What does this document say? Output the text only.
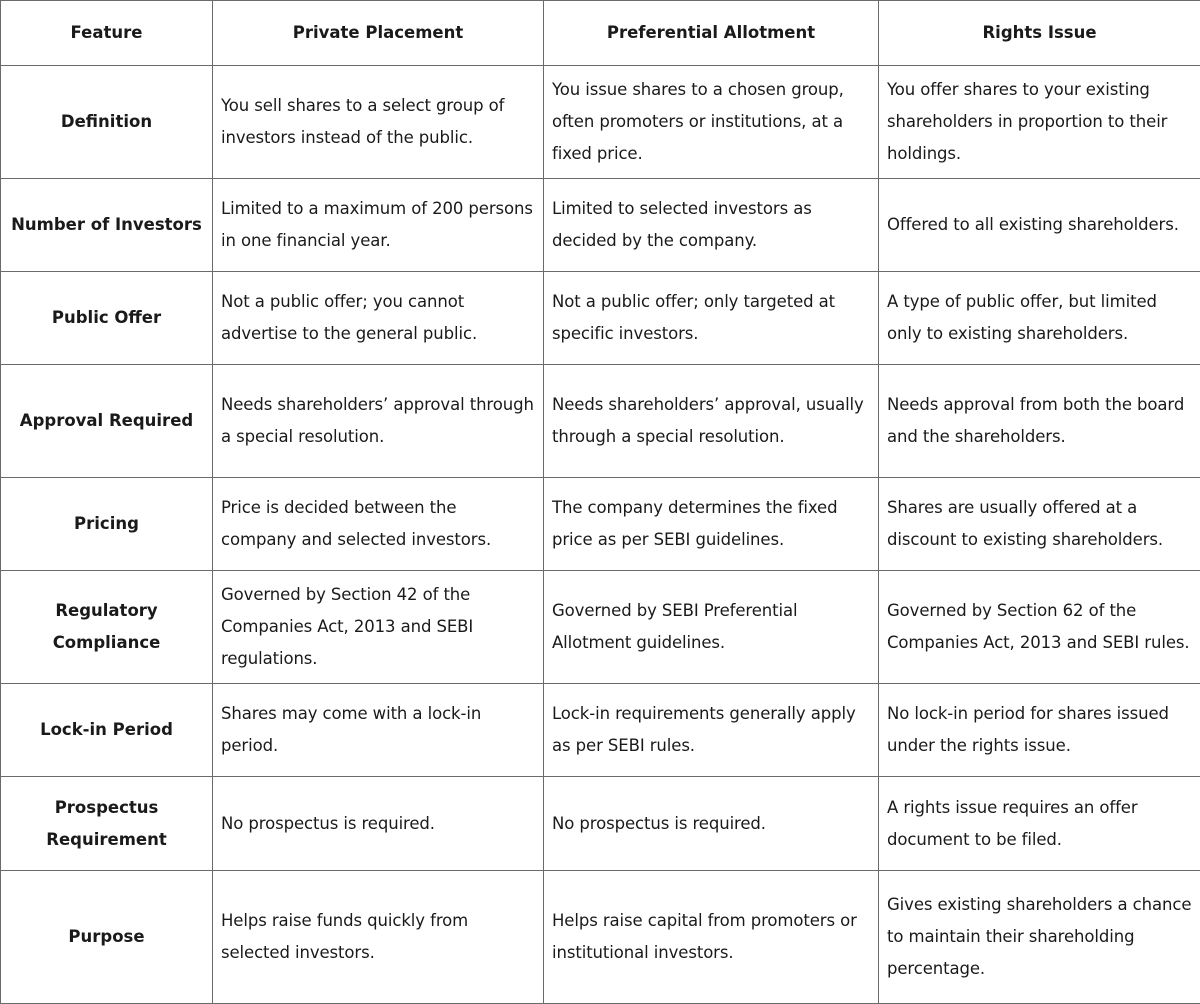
Feature	Private Placement	Preferential Allotment	Rights Issue
Definition	You sell shares to a select group of investors instead of the public.	You issue shares to a chosen group, often promoters or institutions, at a fixed price.	You offer shares to your existing shareholders in proportion to their holdings.
Number of Investors	Limited to a maximum of 200 persons in one financial year.	Limited to selected investors as decided by the company.	Offered to all existing shareholders.
Public Offer	Not a public offer; you cannot advertise to the general public.	Not a public offer; only targeted at specific investors.	A type of public offer, but limited only to existing shareholders.
Approval Required	Needs shareholders’ approval through a special resolution.	Needs shareholders’ approval, usually through a special resolution.	Needs approval from both the board and the shareholders.
Pricing	Price is decided between the company and selected investors.	The company determines the fixed price as per SEBI guidelines.	Shares are usually offered at a discount to existing shareholders.
Regulatory Compliance	Governed by Section 42 of the Companies Act, 2013 and SEBI regulations.	Governed by SEBI Preferential Allotment guidelines.	Governed by Section 62 of the Companies Act, 2013 and SEBI rules.
Lock-in Period	Shares may come with a lock-in period.	Lock-in requirements generally apply as per SEBI rules.	No lock-in period for shares issued under the rights issue.
Prospectus Requirement	No prospectus is required.	No prospectus is required.	A rights issue requires an offer document to be filed.
Purpose	Helps raise funds quickly from selected investors.	Helps raise capital from promoters or institutional investors.	Gives existing shareholders a chance to maintain their shareholding percentage.
